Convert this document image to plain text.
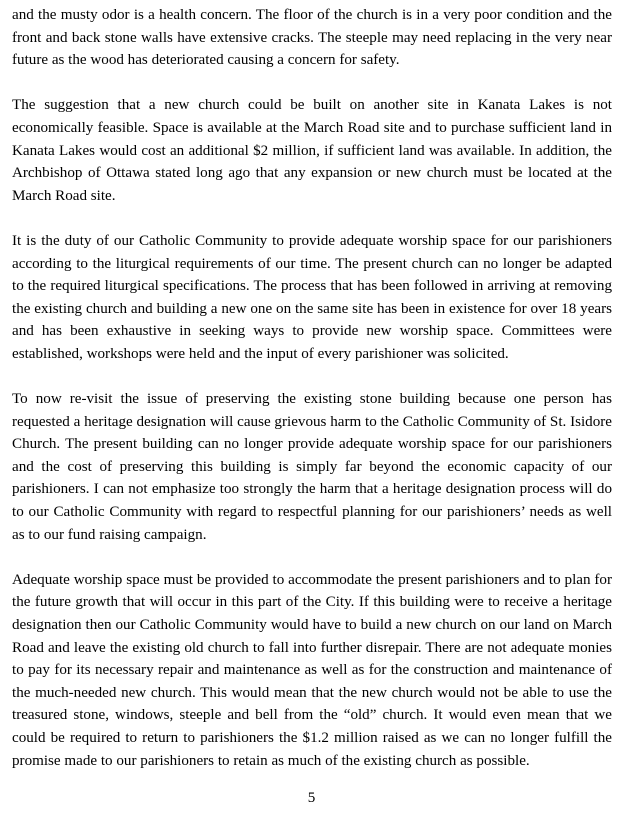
and the musty odor is a health concern. The floor of the church is in a very poor condition and the front and back stone walls have extensive cracks. The steeple may need replacing in the very near future as the wood has deteriorated causing a concern for safety.

The suggestion that a new church could be built on another site in Kanata Lakes is not economically feasible. Space is available at the March Road site and to purchase sufficient land in Kanata Lakes would cost an additional $2 million, if sufficient land was available. In addition, the Archbishop of Ottawa stated long ago that any expansion or new church must be located at the March Road site.

It is the duty of our Catholic Community to provide adequate worship space for our parishioners according to the liturgical requirements of our time. The present church can no longer be adapted to the required liturgical specifications. The process that has been followed in arriving at removing the existing church and building a new one on the same site has been in existence for over 18 years and has been exhaustive in seeking ways to provide new worship space. Committees were established, workshops were held and the input of every parishioner was solicited.

To now re-visit the issue of preserving the existing stone building because one person has requested a heritage designation will cause grievous harm to the Catholic Community of St. Isidore Church. The present building can no longer provide adequate worship space for our parishioners and the cost of preserving this building is simply far beyond the economic capacity of our parishioners. I can not emphasize too strongly the harm that a heritage designation process will do to our Catholic Community with regard to respectful planning for our parishioners’ needs as well as to our fund raising campaign.

Adequate worship space must be provided to accommodate the present parishioners and to plan for the future growth that will occur in this part of the City. If this building were to receive a heritage designation then our Catholic Community would have to build a new church on our land on March Road and leave the existing old church to fall into further disrepair. There are not adequate monies to pay for its necessary repair and maintenance as well as for the construction and maintenance of the much-needed new church. This would mean that the new church would not be able to use the treasured stone, windows, steeple and bell from the “old” church. It would even mean that we could be required to return to parishioners the $1.2 million raised as we can no longer fulfill the promise made to our parishioners to retain as much of the existing church as possible.

5
